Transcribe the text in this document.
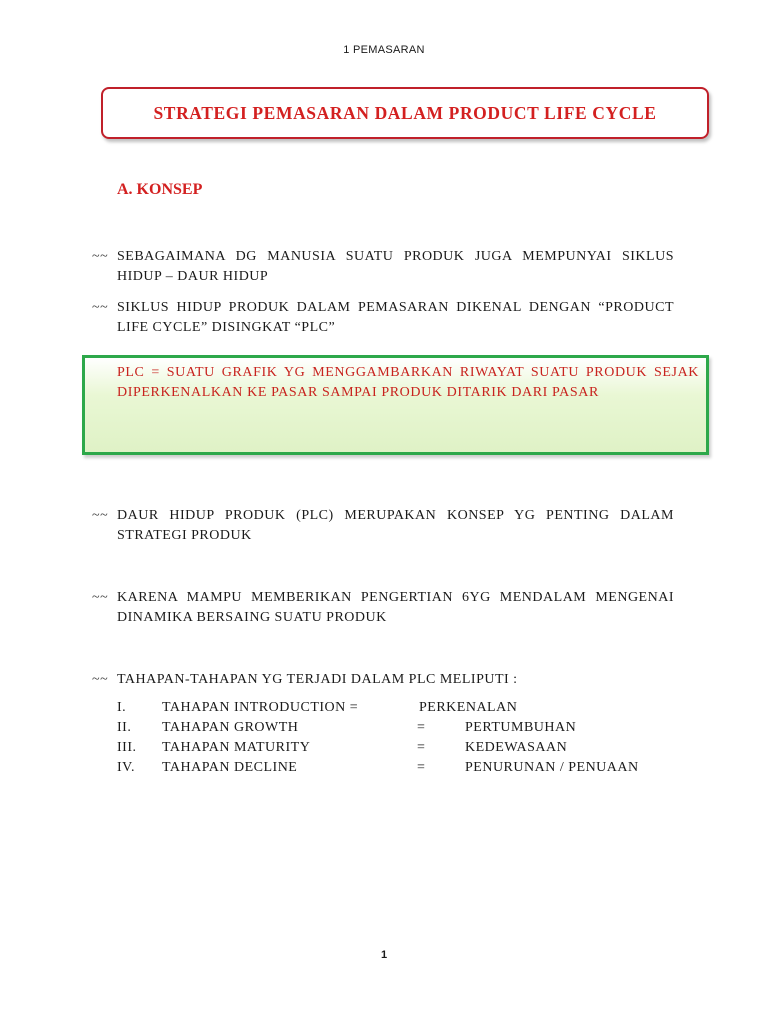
1 PEMASARAN
STRATEGI PEMASARAN DALAM PRODUCT LIFE CYCLE
A. KONSEP
~~ SEBAGAIMANA DG MANUSIA SUATU PRODUK JUGA MEMPUNYAI SIKLUS HIDUP – DAUR HIDUP
~~ SIKLUS HIDUP PRODUK DALAM PEMASARAN DIKENAL DENGAN “PRODUCT LIFE CYCLE” DISINGKAT “PLC”
PLC = SUATU GRAFIK YG MENGGAMBARKAN RIWAYAT SUATU PRODUK SEJAK DIPERKENALKAN KE PASAR SAMPAI PRODUK DITARIK DARI PASAR
~~ DAUR HIDUP PRODUK (PLC) MERUPAKAN KONSEP YG PENTING DALAM STRATEGI PRODUK
~~ KARENA MAMPU MEMBERIKAN PENGERTIAN 6YG MENDALAM MENGENAI DINAMIKA BERSAING SUATU PRODUK
~~ TAHAPAN-TAHAPAN YG TERJADI DALAM PLC MELIPUTI :
I.	TAHAPAN INTRODUCTION =	PERKENALAN
II. TAHAPAN GROWTH	=	PERTUMBUHAN
III. TAHAPAN MATURITY	=	KEDEWASAAN
IV. TAHAPAN DECLINE	=	PENURUNAN / PENUAAN
1
